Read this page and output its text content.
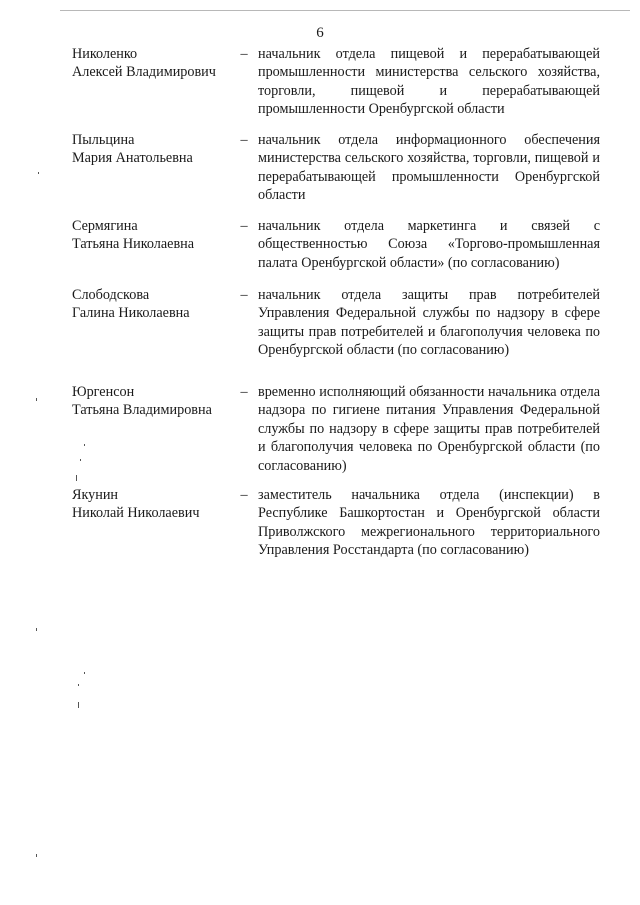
6
Николенко
Алексей Владимирович
– начальник отдела пищевой и перерабатывающей промышленности министерства сельского хозяйства, торговли, пищевой и перерабатывающей промышленности Оренбургской области
Пыльцина
Мария Анатольевна
– начальник отдела информационного обеспечения министерства сельского хозяйства, торговли, пищевой и перерабатывающей промышленности Оренбургской области
Сермягина
Татьяна Николаевна
– начальник отдела маркетинга и связей с общественностью Союза «Торгово-промышленная палата Оренбургской области» (по согласованию)
Слободскова
Галина Николаевна
– начальник отдела защиты прав потребителей Управления Федеральной службы по надзору в сфере защиты прав потребителей и благополучия человека по Оренбургской области (по согласованию)
Юргенсон
Татьяна Владимировна
– временно исполняющий обязанности начальника отдела надзора по гигиене питания Управления Федеральной службы по надзору в сфере защиты прав потребителей и благополучия человека по Оренбургской области (по согласованию)
Якунин
Николай Николаевич
– заместитель начальника отдела (инспекции) в Республике Башкортостан и Оренбургской области Приволжского межрегионального территориального Управления Росстандарта (по согласованию)
